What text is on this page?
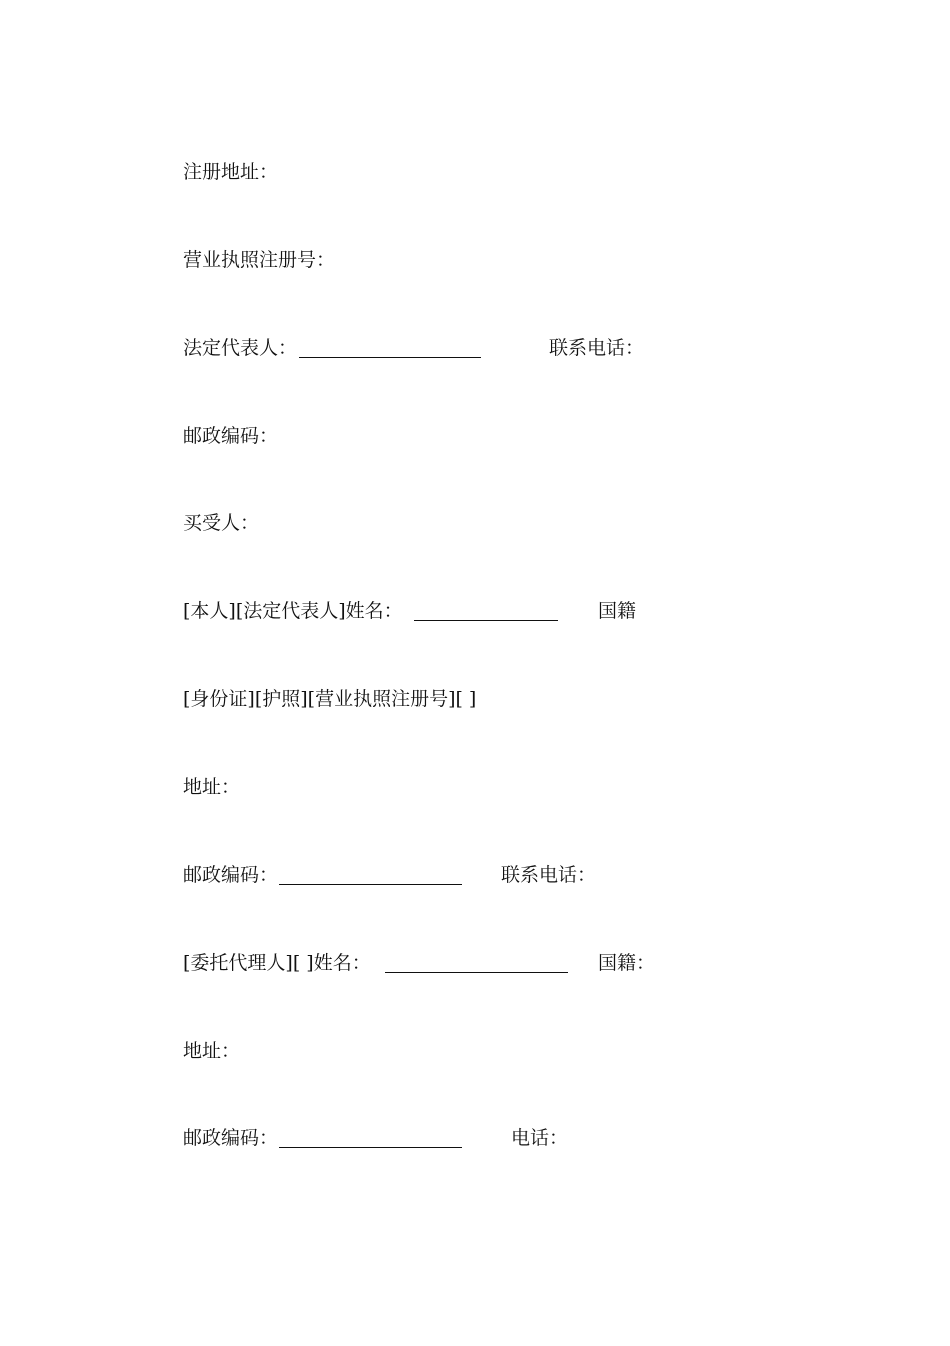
注册地址：
营业执照注册号：
法定代表人：	联系电话：
邮政编码：
买受人：
[本人][法定代表人]姓名：	国籍
[身份证][护照][营业执照注册号][ ]
地址：
邮政编码：	联系电话：
[委托代理人][ ]姓名：	国籍：
地址：
邮政编码：	电话：
